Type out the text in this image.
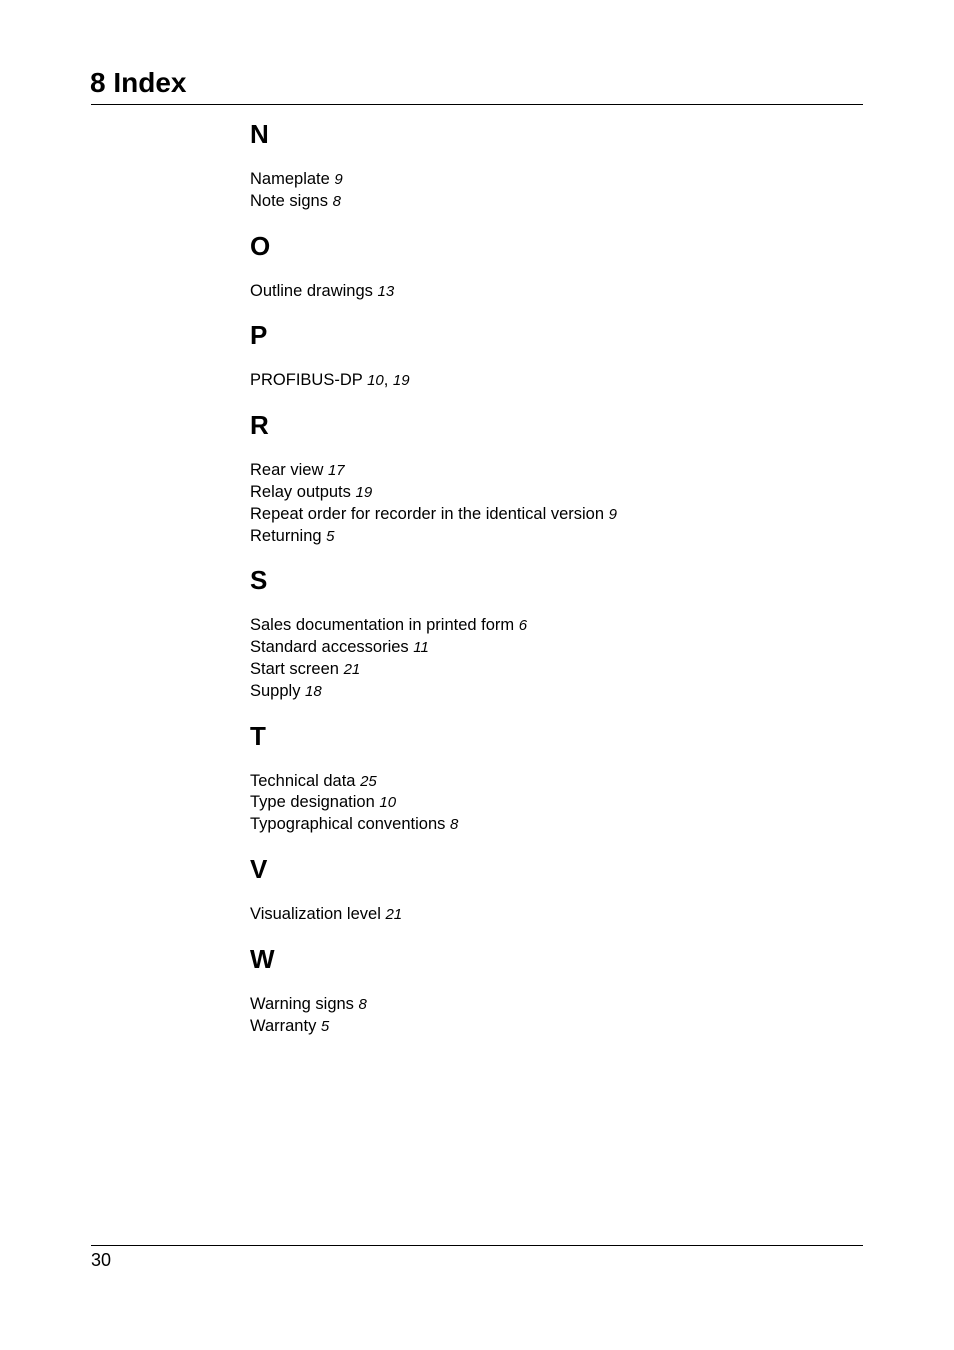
8 Index
N
Nameplate 9
Note signs 8
O
Outline drawings 13
P
PROFIBUS-DP 10, 19
R
Rear view 17
Relay outputs 19
Repeat order for recorder in the identical version 9
Returning 5
S
Sales documentation in printed form 6
Standard accessories 11
Start screen 21
Supply 18
T
Technical data 25
Type designation 10
Typographical conventions 8
V
Visualization level 21
W
Warning signs 8
Warranty 5
30
